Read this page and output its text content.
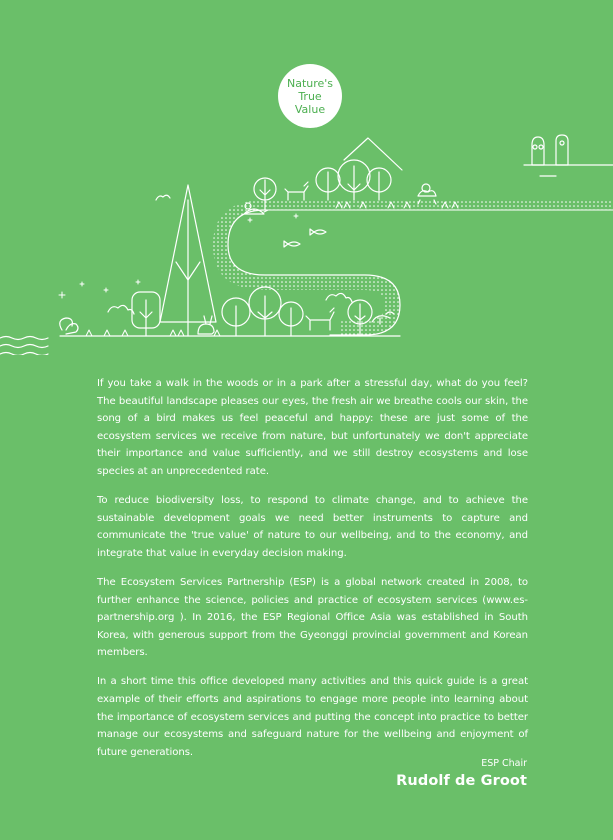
Nature's
True
Value

If you take a walk in the woods or in a park after a stressful day, what do you feel? The beautiful landscape pleases our eyes, the fresh air we breathe cools our skin, the song of a bird makes us feel peaceful and happy: these are just some of the ecosystem services we receive from nature, but unfortunately we don't appreciate their importance and value sufficiently, and we still destroy ecosystems and lose species at an unprecedented rate.

To reduce biodiversity loss, to respond to climate change, and to achieve the sustainable development goals we need better instruments to capture and communicate the 'true value' of nature to our wellbeing, and to the economy, and integrate that value in everyday decision making.

The Ecosystem Services Partnership (ESP) is a global network created in 2008, to further enhance the science, policies and practice of ecosystem services (www.es-partnership.org ). In 2016, the ESP Regional Office Asia was established in South Korea, with generous support from the Gyeonggi provincial government and Korean members.

In a short time this office developed many activities and this quick guide is a great example of their efforts and aspirations to engage more people into learning about the importance of ecosystem services and putting the concept into practice to better manage our ecosystems and safeguard nature for the wellbeing and enjoyment of future generations.

ESP Chair
Rudolf de Groot
